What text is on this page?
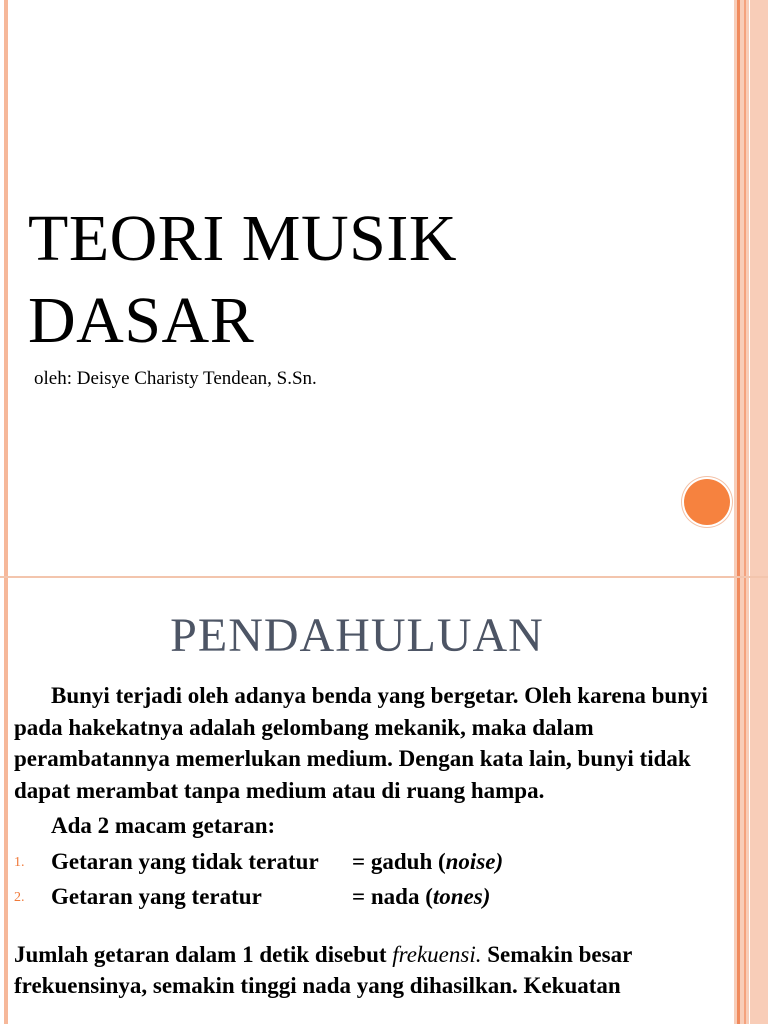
TEORI MUSIK
DASAR
oleh: Deisye Charisty Tendean, S.Sn.
PENDAHULUAN
Bunyi terjadi oleh adanya benda yang bergetar. Oleh karena bunyi pada hakekatnya adalah gelombang mekanik, maka dalam perambatannya memerlukan medium. Dengan kata lain, bunyi tidak dapat merambat tanpa medium atau di ruang hampa.
Ada 2 macam getaran:
1. Getaran yang tidak teratur = gaduh (noise)
2. Getaran yang teratur	= nada (tones)
Jumlah getaran dalam 1 detik disebut frekuensi. Semakin besar frekuensinya, semakin tinggi nada yang dihasilkan. Kekuatan
